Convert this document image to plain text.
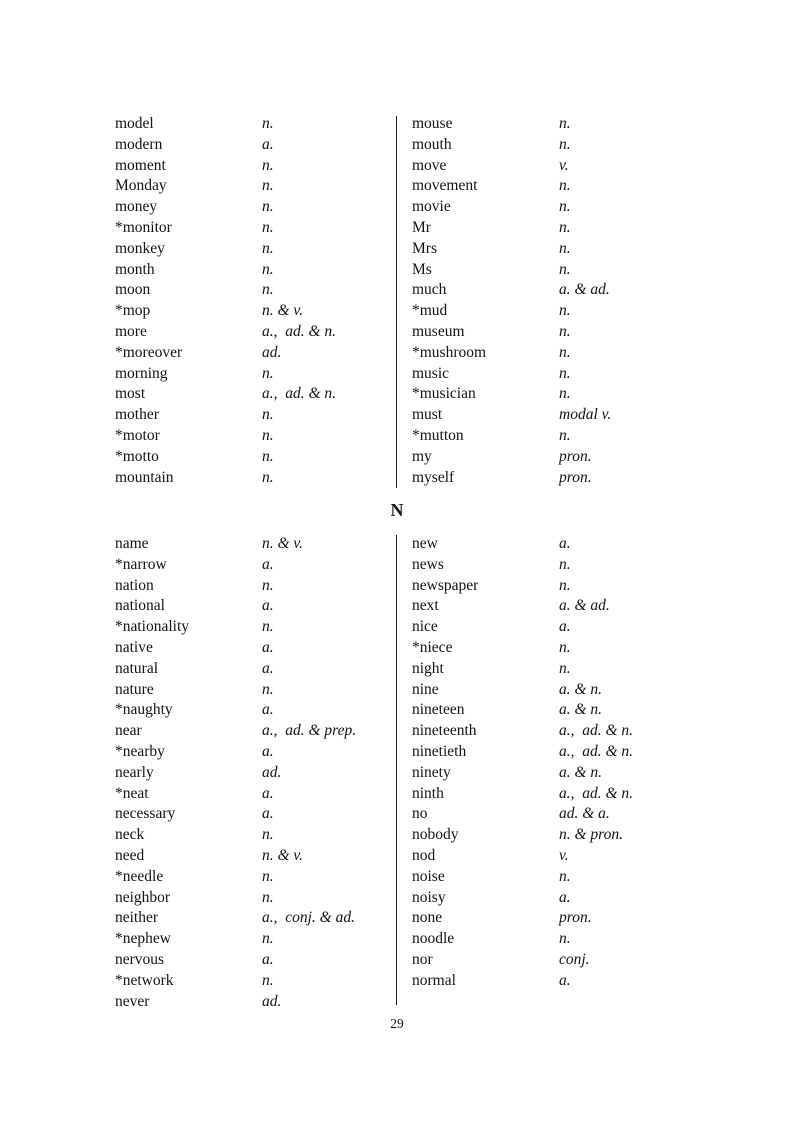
model	n.
modern	a.
moment	n.
Monday	n.
money	n.
*monitor	n.
monkey	n.
month	n.
moon	n.
*mop	n. & v.
more	a., ad. & n.
*moreover	ad.
morning	n.
most	a., ad. & n.
mother	n.
*motor	n.
*motto	n.
mountain	n.
mouse	n.
mouth	n.
move	v.
movement	n.
movie	n.
Mr	n.
Mrs	n.
Ms	n.
much	a. & ad.
*mud	n.
museum	n.
*mushroom	n.
music	n.
*musician	n.
must	modal v.
*mutton	n.
my	pron.
myself	pron.
N
name	n. & v.
*narrow	a.
nation	n.
national	a.
*nationality	n.
native	a.
natural	a.
nature	n.
*naughty	a.
near	a., ad. & prep.
*nearby	a.
nearly	ad.
*neat	a.
necessary	a.
neck	n.
need	n. & v.
*needle	n.
neighbor	n.
neither	a., conj. & ad.
*nephew	n.
nervous	a.
*network	n.
never	ad.
new	a.
news	n.
newspaper	n.
next	a. & ad.
nice	a.
*niece	n.
night	n.
nine	a. & n.
nineteen	a. & n.
nineteenth	a., ad. & n.
ninetieth	a., ad. & n.
ninety	a. & n.
ninth	a., ad. & n.
no	ad. & a.
nobody	n. & pron.
nod	v.
noise	n.
noisy	a.
none	pron.
noodle	n.
nor	conj.
normal	a.
29
